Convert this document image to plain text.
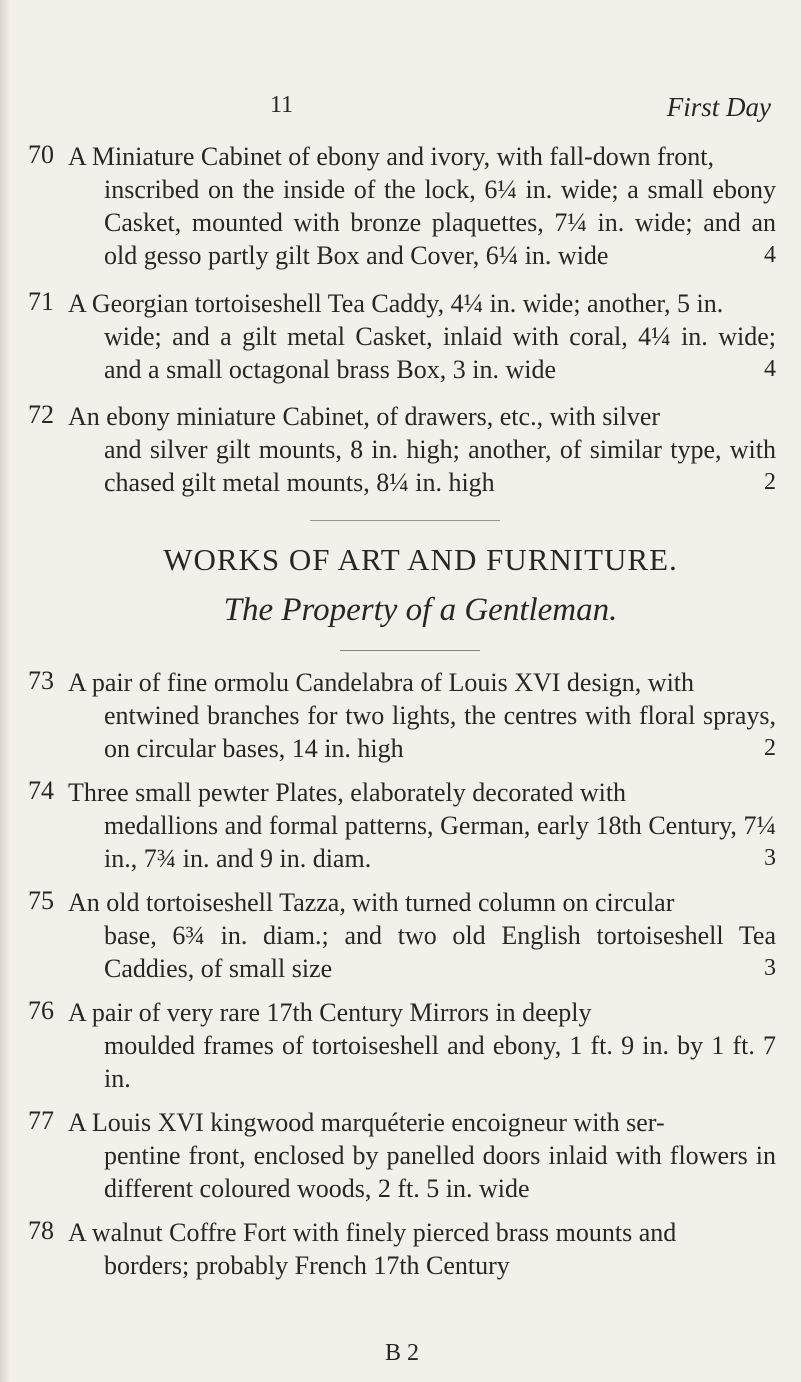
11	First Day
70 A Miniature Cabinet of ebony and ivory, with fall-down front,
inscribed on the inside of the lock, 6¼ in. wide; a small ebony Casket, mounted with bronze plaquettes, 7¼ in. wide; and an old gesso partly gilt Box and Cover, 6¼ in. wide	4
71 A Georgian tortoiseshell Tea Caddy, 4¼ in. wide; another, 5 in.
wide; and a gilt metal Casket, inlaid with coral, 4¼ in. wide; and a small octagonal brass Box, 3 in. wide	4
72 An ebony miniature Cabinet, of drawers, etc., with silver
and silver gilt mounts, 8 in. high; another, of similar type, with chased gilt metal mounts, 8¼ in. high	2
WORKS OF ART AND FURNITURE.
The Property of a Gentleman.
73 A pair of fine ormolu Candelabra of Louis XVI design, with
entwined branches for two lights, the centres with floral sprays, on circular bases, 14 in. high	2
74 Three small pewter Plates, elaborately decorated with
medallions and formal patterns, German, early 18th Century, 7¼ in., 7¾ in. and 9 in. diam.	3
75 An old tortoiseshell Tazza, with turned column on circular
base, 6¾ in. diam.; and two old English tortoiseshell Tea Caddies, of small size	3
76 A pair of very rare 17th Century Mirrors in deeply
moulded frames of tortoiseshell and ebony, 1 ft. 9 in. by 1 ft. 7 in.
77 A Louis XVI kingwood marquéterie encoigneur with ser-
pentine front, enclosed by panelled doors inlaid with flowers in different coloured woods, 2 ft. 5 in. wide
78 A walnut Coffre Fort with finely pierced brass mounts and
borders; probably French 17th Century
B 2
